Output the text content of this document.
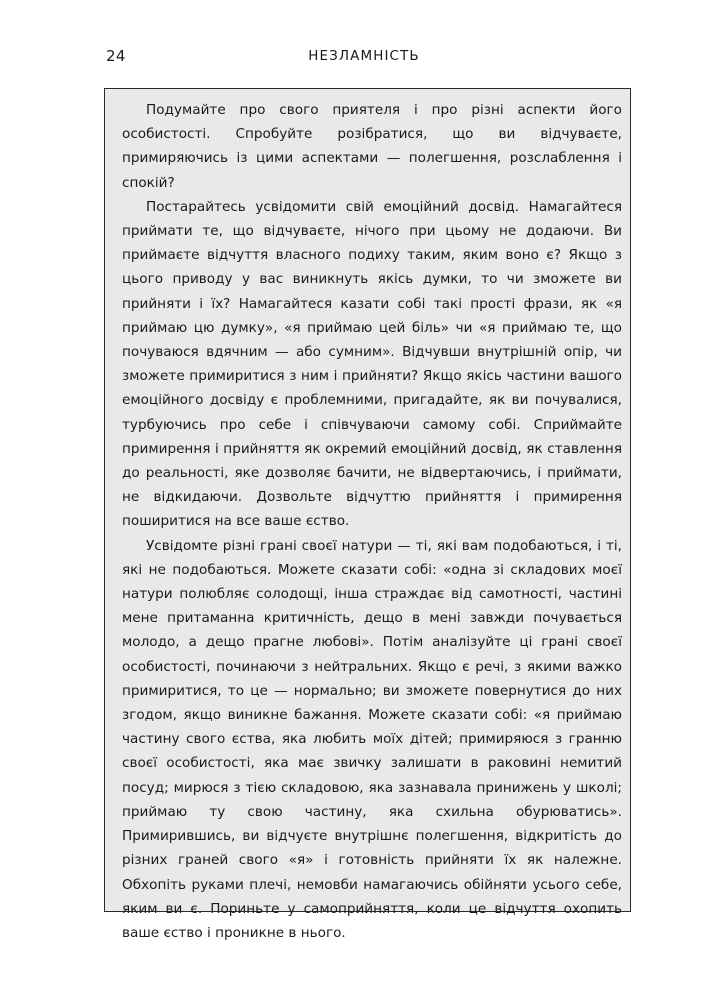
24	НЕЗЛАМНІСТЬ

Подумайте про свого приятеля і про різні аспекти його особистості. Спробуйте розібратися, що ви відчуваєте, примиряючись із цими аспектами — полегшення, розслаблення і спокій?

Постарайтесь усвідомити свій емоційний досвід. Намагайтеся приймати те, що відчуваєте, нічого при цьому не додаючи. Ви приймаєте відчуття власного подиху таким, яким воно є? Якщо з цього приводу у вас виникнуть якісь думки, то чи зможете ви прийняти і їх? Намагайтеся казати собі такі прості фрази, як «я приймаю цю думку», «я приймаю цей біль» чи «я приймаю те, що почуваюся вдячним — або сумним». Відчувши внутрішній опір, чи зможете примиритися з ним і прийняти? Якщо якісь частини вашого емоційного досвіду є проблемними, пригадайте, як ви почувалися, турбуючись про себе і співчуваючи самому собі. Сприймайте примирення і прийняття як окремий емоційний досвід, як ставлення до реальності, яке дозволяє бачити, не відвертаючись, і приймати, не відкидаючи. Дозвольте відчуттю прийняття і примирення поширитися на все ваше єство.

Усвідомте різні грані своєї натури — ті, які вам подобаються, і ті, які не подобаються. Можете сказати собі: «одна зі складових моєї натури полюбляє солодощі, інша страждає від самотності, частині мене притаманна критичність, дещо в мені завжди почувається молодо, а дещо прагне любові». Потім аналізуйте ці грані своєї особистості, починаючи з нейтральних. Якщо є речі, з якими важко примиритися, то це — нормально; ви зможете повернутися до них згодом, якщо виникне бажання. Можете сказати собі: «я приймаю частину свого єства, яка любить моїх дітей; примиряюся з гранню своєї особистості, яка має звичку залишати в раковині немитий посуд; мирюся з тією складовою, яка зазнавала принижень у школі; приймаю ту свою частину, яка схильна обурюватись». Примирившись, ви відчуєте внутрішнє полегшення, відкритість до різних граней свого «я» і готовність прийняти їх як належне. Обхопіть руками плечі, немовби намагаючись обійняти усього себе, яким ви є. Пориньте у самоприйняття, коли це відчуття охопить ваше єство і проникне в нього.
